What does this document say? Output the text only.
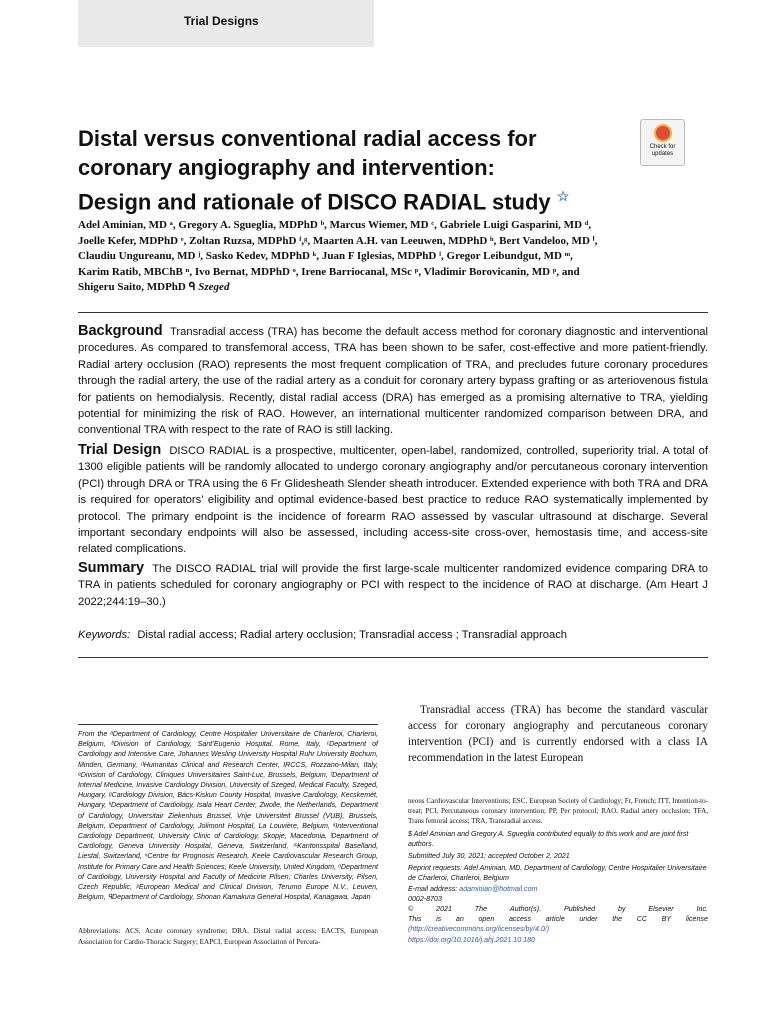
Trial Designs
Distal versus conventional radial access for
coronary angiography and intervention:
Design and rationale of DISCO RADIAL study ☆
Check for
updates
Adel Aminian, MD ᵃ, Gregory A. Sgueglia, MDPhD ᵇ, Marcus Wiemer, MD ᶜ, Gabriele Luigi Gasparini, MD ᵈ,
Joelle Kefer, MDPhD ᵉ, Zoltan Ruzsa, MDPhD ᶠ,ᵍ, Maarten A.H. van Leeuwen, MDPhD ʰ, Bert Vandeloo, MD ⁱ,
Claudiu Ungureanu, MD ʲ, Sasko Kedev, MDPhD ᵏ, Juan F Iglesias, MDPhD ˡ, Gregor Leibundgut, MD ᵐ,
Karim Ratib, MBChB ⁿ, Ivo Bernat, MDPhD ᵒ, Irene Barriocanal, MSc ᵖ, Vladimir Borovicanin, MD ᵖ, and
Shigeru Saito, MDPhD ᑫ Szeged
Background Transradial access (TRA) has become the default access method for coronary diagnostic and interventional procedures. As compared to transfemoral access, TRA has been shown to be safer, cost-effective and more patient-friendly. Radial artery occlusion (RAO) represents the most frequent complication of TRA, and precludes future coronary procedures through the radial artery, the use of the radial artery as a conduit for coronary artery bypass grafting or as arteriovenous fistula for patients on hemodialysis. Recently, distal radial access (DRA) has emerged as a promising alternative to TRA, yielding potential for minimizing the risk of RAO. However, an international multicenter randomized comparison between DRA, and conventional TRA with respect to the rate of RAO is still lacking.
Trial Design DISCO RADIAL is a prospective, multicenter, open-label, randomized, controlled, superiority trial. A total of 1300 eligible patients will be randomly allocated to undergo coronary angiography and/or percutaneous coronary intervention (PCI) through DRA or TRA using the 6 Fr Glidesheath Slender sheath introducer. Extended experience with both TRA and DRA is required for operators’ eligibility and optimal evidence-based best practice to reduce RAO systematically implemented by protocol. The primary endpoint is the incidence of forearm RAO assessed by vascular ultrasound at discharge. Several important secondary endpoints will also be assessed, including access-site cross-over, hemostasis time, and access-site related complications.
Summary The DISCO RADIAL trial will provide the first large-scale multicenter randomized evidence comparing DRA to TRA in patients scheduled for coronary angiography or PCI with respect to the incidence of RAO at discharge. (Am Heart J 2022;244:19–30.)
Keywords: Distal radial access; Radial artery occlusion; Transradial access ; Transradial approach
From the ᵃDepartment of Cardiology, Centre Hospitalier Universitaire de Charleroi, Charleroi, Belgium, ᵇDivision of Cardiology, Sant’Eugenio Hospital, Rome, Italy, ᶜDepartment of Cardiology and Intensive Care, Johannes Wesling University Hospital Ruhr University Bochum, Minden, Germany, ᵈHumanitas Clinical and Research Center, IRCCS, Rozzano-Milan, Italy, ᵉDivision of Cardiology, Cliniques Universitaires Saint-Luc, Brussels, Belgium, ᶠDepartment of Internal Medicine, Invasive Cardiology Division, University of Szeged, Medical Faculty, Szeged, Hungary, ᵍCardiology Division, Bács-Kiskun County Hospital, Invasive Cardiology, Kecskemét, Hungary, ʰDepartment of Cardiology, Isala Heart Center, Zwolle, the Netherlands, ⁱDepartment of Cardiology, Universitair Ziekenhuis Brussel, Vrije Universiteit Brussel (VUB), Brussels, Belgium, ʲDepartment of Cardiology, Jolimont Hospital, La Louvière, Belgium, ᵏInterventional Cardiology Department, University Clinic of Cardiology, Skopje, Macedonia, ˡDepartment of Cardiology, Geneva University Hospital, Geneva, Switzerland, ᵐKantonsspital Baselland, Liestal, Switzerland, ⁿCentre for Prognosis Research, Keele Cardiovascular Research Group, Institute for Primary Care and Health Sciences, Keele University, United Kingdom, ᵒDepartment of Cardiology, University Hospital and Faculty of Medicine Pilsen, Charles University, Pilsen, Czech Republic, ᵖEuropean Medical and Clinical Division, Terumo Europe N.V., Leuven, Belgium, ᑫDepartment of Cardiology, Shonan Kamakura General Hospital, Kanagawa, Japan
Abbreviations: ACS, Acute coronary syndrome; DRA, Distal radial access; EACTS, European Association for Cardio-Thoracic Surgery; EAPCI, European Association of Percuta-
Transradial access (TRA) has become the standard vascular access for coronary angiography and percutaneous coronary intervention (PCI) and is currently endorsed with a class IA recommendation in the latest European

neous Cardiovascular Interventions; ESC, European Society of Cardiology; Fr, French; ITT, Intention-to-treat; PCI, Percutaneous coronary intervention; PP, Per protocol; RAO, Radial artery occlusion; TFA, Trans femoral access; TRA, Transradial access.

$ Adel Aminian and Gregory A. Sgueglia contributed equally to this work and are joint first authors.

Submitted July 30, 2021; accepted October 2, 2021

Reprint requests: Adel Aminian, MD, Department of Cardiology, Centre Hospitalier Universitaire de Charleroi, Charleroi, Belgium

E-mail address: adaminian@hotmail.com

0002-8703

©	2021	The	Author(s).	Published	by	Elsevier	Inc.

This is an open access article under the CC BY license

(http://creativecommons.org/licenses/by/4.0/)

https://doi.org/10.1016/j.ahj.2021.10.180
